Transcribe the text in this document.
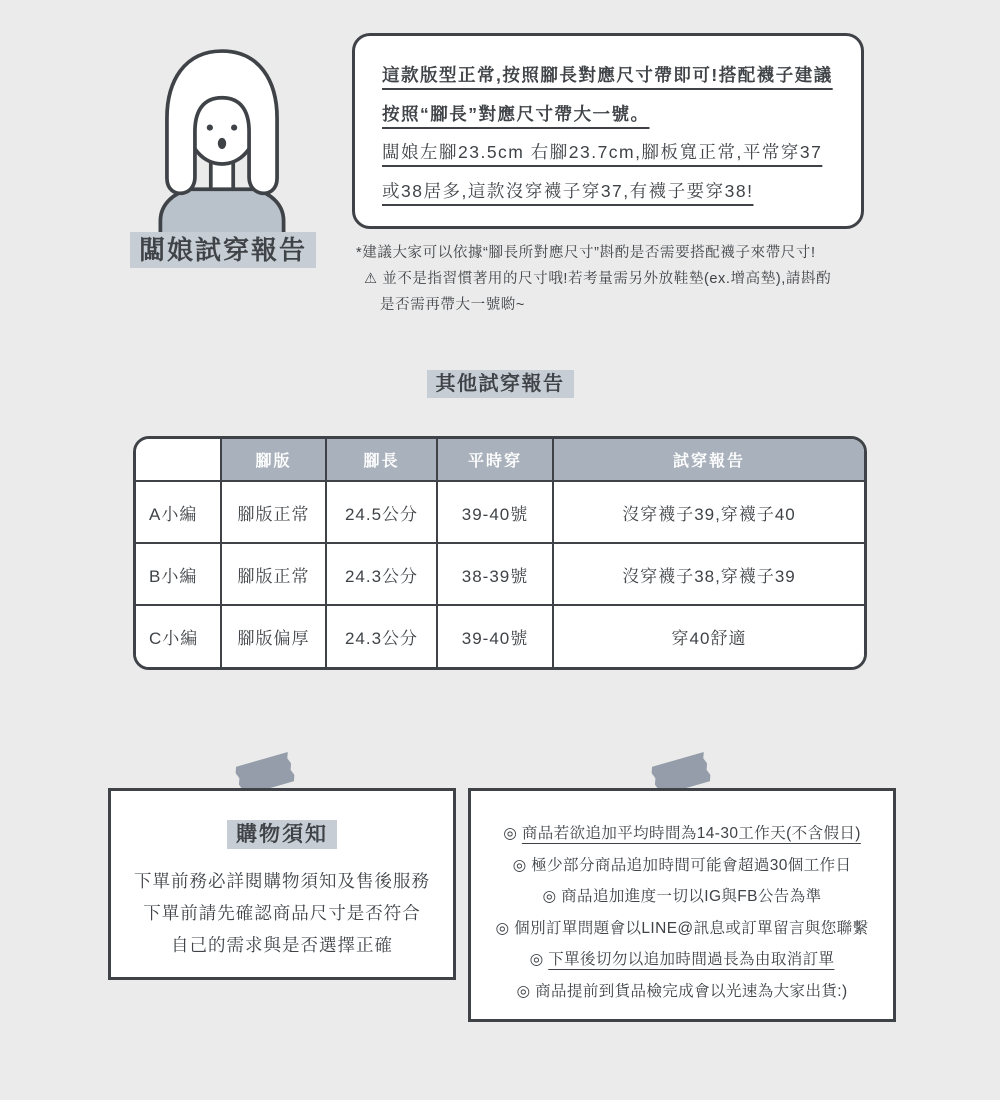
闆娘試穿報告
這款版型正常,按照腳長對應尺寸帶即可!搭配襪子建議
按照“腳長”對應尺寸帶大一號。
闆娘左腳23.5cm 右腳23.7cm,腳板寬正常,平常穿37
或38居多,這款沒穿襪子穿37,有襪子要穿38!
*建議大家可以依據“腳長所對應尺寸”斟酌是否需要搭配襪子來帶尺寸!
⚠ 並不是指習慣著用的尺寸哦!若考量需另外放鞋墊(ex.增高墊),請斟酌
是否需再帶大一號喲~
其他試穿報告
	腳版	腳長	平時穿	試穿報告
A小編	腳版正常	24.5公分	39-40號	沒穿襪子39,穿襪子40
B小編	腳版正常	24.3公分	38-39號	沒穿襪子38,穿襪子39
C小編	腳版偏厚	24.3公分	39-40號	穿40舒適
購物須知
下單前務必詳閱購物須知及售後服務
下單前請先確認商品尺寸是否符合
自己的需求與是否選擇正確
◎ 商品若欲追加平均時間為14-30工作天(不含假日)
◎ 極少部分商品追加時間可能會超過30個工作日
◎ 商品追加進度一切以IG與FB公告為準
◎ 個別訂單問題會以LINE@訊息或訂單留言與您聯繫
◎ 下單後切勿以追加時間過長為由取消訂單
◎ 商品提前到貨品檢完成會以光速為大家出貨:)
